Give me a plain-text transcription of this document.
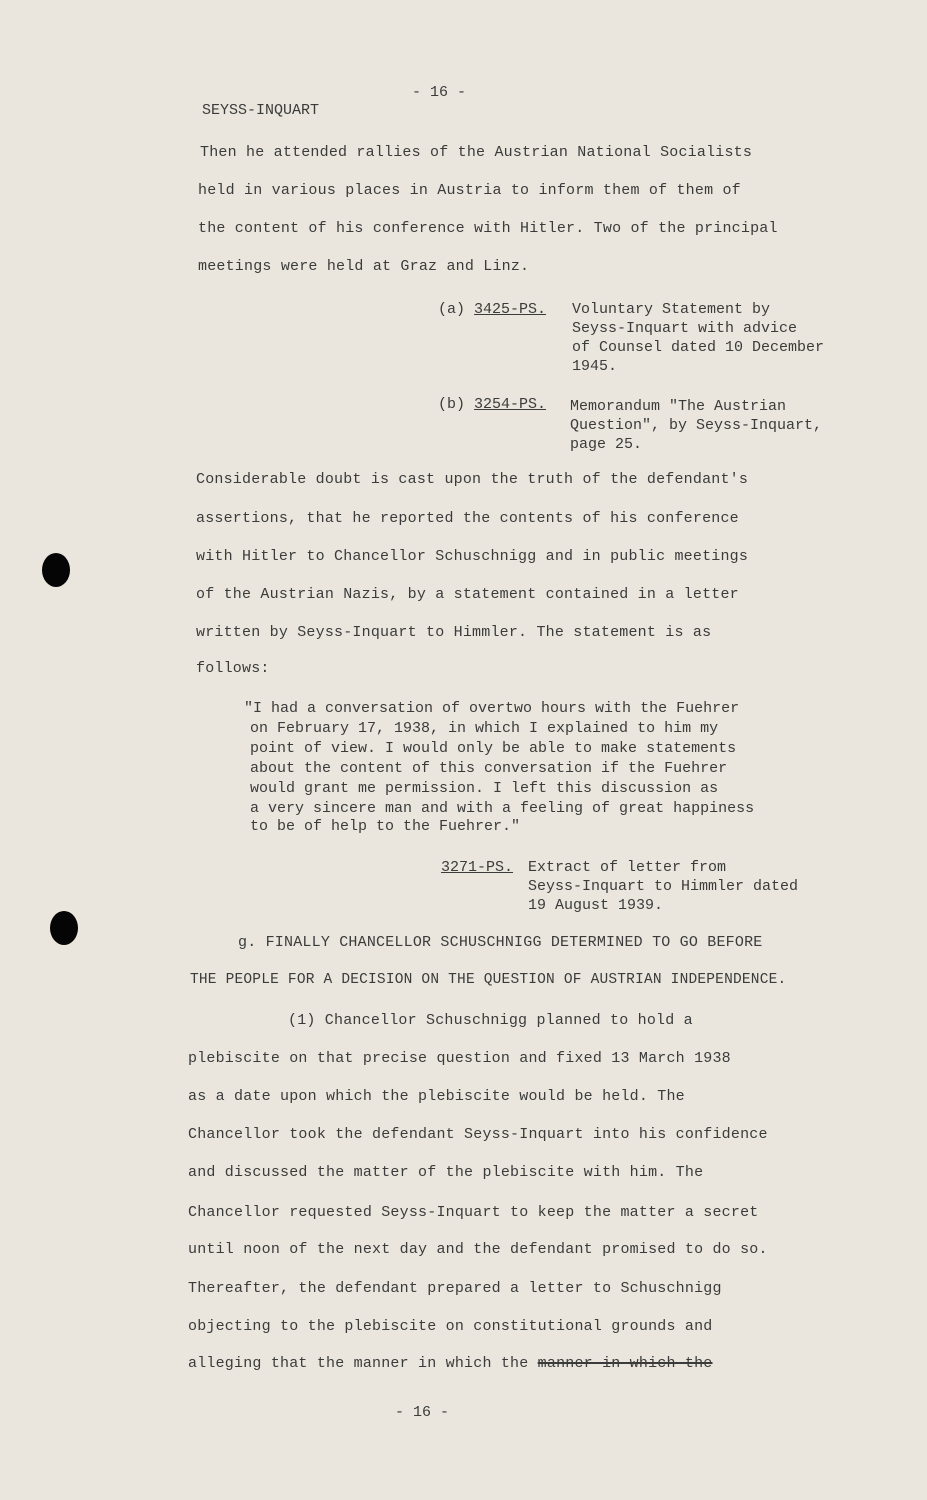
- 16 -
SEYSS-INQUART
Then he attended rallies of the Austrian National Socialists
held in various places in Austria to inform them of them of
the content of his conference with Hitler. Two of the principal
meetings were held at Graz and Linz.
(a) 3425-PS. Voluntary Statement by
Seyss-Inquart with advice
of Counsel dated 10 December
1945.
(b) 3254-PS. Memorandum "The Austrian
Question", by Seyss-Inquart,
page 25.
Considerable doubt is cast upon the truth of the defendant's
assertions, that he reported the contents of his conference
with Hitler to Chancellor Schuschnigg and in public meetings
of the Austrian Nazis, by a statement contained in a letter
written by Seyss-Inquart to Himmler. The statement is as
follows:
"I had a conversation of overtwo hours with the Fuehrer
on February 17, 1938, in which I explained to him my
point of view. I would only be able to make statements
about the content of this conversation if the Fuehrer
would grant me permission. I left this discussion as
a very sincere man and with a feeling of great happiness
to be of help to the Fuehrer."
3271-PS. Extract of letter from
Seyss-Inquart to Himmler dated
19 August 1939.
g. FINALLY CHANCELLOR SCHUSCHNIGG DETERMINED TO GO BEFORE
THE PEOPLE FOR A DECISION ON THE QUESTION OF AUSTRIAN INDEPENDENCE.
(1) Chancellor Schuschnigg planned to hold a
plebiscite on that precise question and fixed 13 March 1938
as a date upon which the plebiscite would be held. The
Chancellor took the defendant Seyss-Inquart into his confidence
and discussed the matter of the plebiscite with him. The
Chancellor requested Seyss-Inquart to keep the matter a secret
until noon of the next day and the defendant promised to do so.
Thereafter, the defendant prepared a letter to Schuschnigg
objecting to the plebiscite on constitutional grounds and
alleging that the manner in which the manner in which the
- 16 -
